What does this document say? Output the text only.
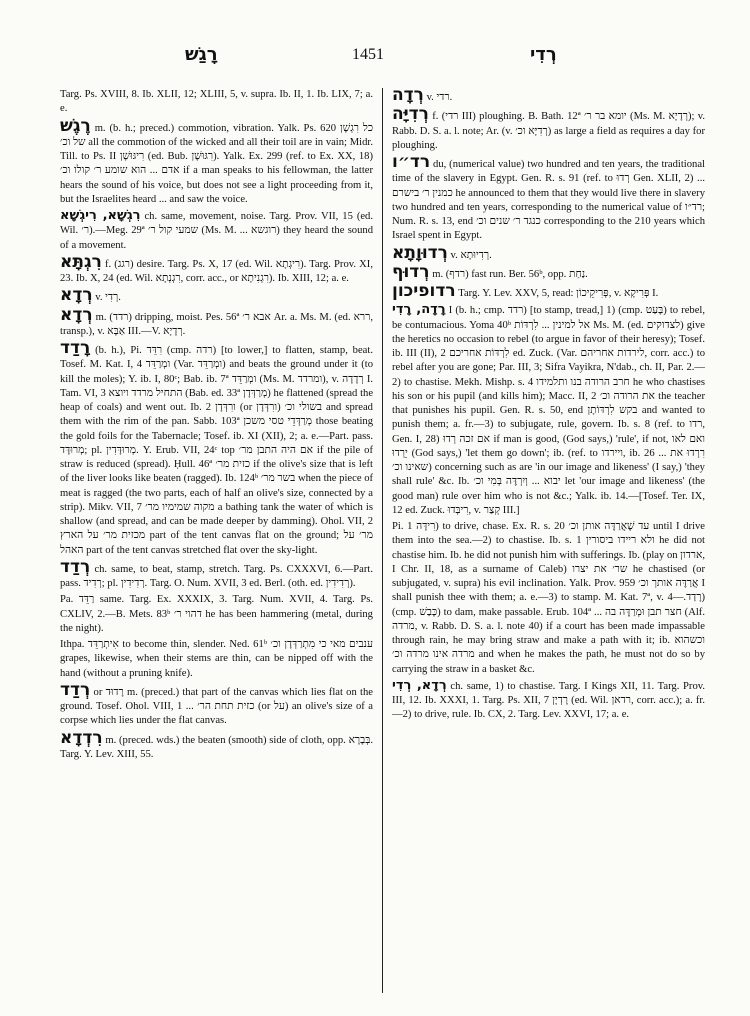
רָגַשׁ	1451	רְדִי

Targ. Ps. XVIII, 8. Ib. XLII, 12; XLIII, 5, v. supra. Ib. II, 1. Ib. LIX, 7; a. e.

רֶגֶשׁ m. (b. h.; preced.) commotion, vibration. Yalk. Ps. 620 כל רִגְשָׁן של וכ׳ all the commotion of the wicked and all their toil are in vain; Midr. Till. to Ps. II רִיגּוּשָׁן (ed. Bub. רִגּוּשָׁן). Yalk. Ex. 299 (ref. to Ex. XX, 18) אדם ... הוא שומע ר׳ קולו וכ׳ if a man speaks to his fellowman, the latter hears the sound of his voice, but does not see a light proceeding from it, but the Israelites heard ... and saw the voice.

רִגְשָׁא, רִיגְשָׁא ch. same, movement, noise. Targ. Prov. VII, 15 (ed. Wil. ר׳).—Meg. 29ª שמעי קול ר׳ (Ms. M. ... רוגשא) they heard the sound of a movement.

רִגְתָּא f. (רגג) desire. Targ. Ps. X, 17 (ed. Wil. רִיגְתָא). Targ. Prov. XI, 23. Ib. X, 24 (ed. Wil. רִגְנְתָא, corr. acc., or רִגְנִיתָא). Ib. XIII, 12; a. e.

רְדָא v. רְדִי.

רְדָא m. (רדד) dripping, moist. Pes. 56ª אבא ר׳ Ar. a. Ms. M. (ed. ררא, transp.), v. אַבָּא III.—V. רְדָיָא.

רָדַד (b. h.), Pi. רִדֵּד (cmp. רדה) [to lower,] to flatten, stamp, beat. Tosef. M. Kat. I, 4 ומְרַדֵּד (Var. ומְרַדֵּד) and beats the ground under it (to kill the moles); Y. ib. I, 80ᶜ; Bab. ib. 7ª ומְרַדֵּד (Ms. M. ומרדד), v. רְדָדָה I. Tam. VI, 3 התחיל מרדד ויוצא (Bab. ed. 33ª מְרַדְּדָן) he flattened (spread the heap of coals) and went out. Ib. 2 ורִדְּדָן (or ורִדְּדָן) בשולי וכ׳ and spread them with the rim of the pan. Sabb. 103ª מְרַדְּדֵי טסי משכן those beating the gold foils for the Tabernacle; Tosef. ib. XI (XII), 2; a. e.—Part. pass. מְרוּדָּד; pl. מְרוּדָּדִין. Y. Erub. VII, 24ᶜ top אם היה התבן מר׳ if the pile of straw is reduced (spread). Ḥull. 46ª כזית מר׳ if the olive's size that is left of the liver looks like beaten (ragged). Ib. 124ᵇ בשר מר׳ when the piece of meat is ragged (the two parts, each of half an olive's size, connected by a strip). Mikv. VII, 7 מקוה שמימיו מר׳ a bathing tank the water of which is shallow (and spread, and can be made deeper by damming). Ohol. VII, 2 מכזית מר׳ על הארץ part of the tent canvas flat on the ground; מר׳ על האהל part of the tent canvas stretched flat over the sky-light.

רְדַד ch. same, to beat, stamp, stretch. Targ. Ps. CXXXVI, 6.—Part. pass. רְדִיד; pl. רְדִידִין. Targ. O. Num. XVII, 3 ed. Berl. (oth. ed. רְדִידִין).

Pa. רַדֵּד same. Targ. Ex. XXXIX, 3. Targ. Num. XVII, 4. Targ. Ps. CXLIV, 2.—B. Mets. 83ᵇ דהוי ר׳ he has been hammering (metal, during the night).

Ithpa. אִיתְרַדֵּד to become thin, slender. Ned. 61ᵇ ענבים מאי כי מִתְרַדְּדָן וכ׳ grapes, likewise, when their stems are thin, can be nipped off with the hand (without a pruning knife).

רְדַד or רָדוּד m. (preced.) that part of the canvas which lies flat on the ground. Tosef. Ohol. VIII, 1 ... כזית תחת הר׳ (or על) an olive's size of a corpse which lies under the flat canvas.

רִדְדָא m. (preced. wds.) the beaten (smooth) side of cloth, opp. בְּבָרָא. Targ. Y. Lev. XIII, 55.

רְדָה v. רדי.

רְדִיָּה f. (רדי III) ploughing. B. Bath. 12ª יומא בר ר׳ (Ms. M. רְדָיָא); v. Rabb. D. S. a. l. note; Ar. (v. רְדִיָּא וכ׳) as large a field as requires a day for ploughing.

רד״ו du, (numerical value) two hundred and ten years, the traditional time of the slavery in Egypt. Gen. R. s. 91 (ref. to רְדוּ Gen. XLII, 2) ... כמנין ר׳ בישרם he announced to them that they would live there in slavery two hundred and ten years, corresponding to the numerical value of רד״ו; Num. R. s. 13, end כנגד ר׳ שנים וכ׳ corresponding to the 210 years which Israel spent in Egypt.

רְדוּוָתָא v. רְדִיוּתָא.

רְדוּף m. (רדף) fast run. Ber. 56ᵇ, opp. נַחַת.

רדופיכון Targ. Y. Lev. XXV, 5, read: פְּרִיקֵיכוֹן, v. פְּרִיקָא I.

רָדָה, רָדִי I (b. h.; cmp. רדד) [to stamp, tread,] 1) (cmp. בָּעַט) to rebel, be contumacious. Yoma 40ᵇ אל למינין ... לִרְדּוֹת Ms. M. (ed. לצדוקים) give the heretics no occasion to rebel (to argue in favor of their heresy); Tosef. ib. III (II), 2 לִרְדּוֹת אחריכם ed. Zuck. (Var. לירדות אחריהם, corr. acc.) to rebel after you are gone; Par. III, 3; Sifra Vayikra, N'dab., ch. II, Par. 2.—2) to chastise. Mekh. Mishp. s. 4 חרב הרודה בנו ותלמידו he who chastises his son or his pupil (and kills him); Macc. II, 2 את הרודה וכ׳ the teacher that punishes his pupil. Gen. R. s. 50, end בקש לִרְדּוֹתָן and wanted to punish them; a. fr.—3) to subjugate, rule, govern. Ib. s. 8 (ref. to רדו, Gen. I, 28) אם זכה רְדוּ if man is good, (God says,) 'rule', if not, ואם לאו יֵרְדוּ (God says,) 'let them go down'; ib. (ref. to ויירדו, ib. 26 ... רִרְדוּ את שאינו וכ׳) concerning such as are 'in our image and likeness' (I say,) 'they shall rule' &c. Ib. יבוא ... וְיִרְדֶּה בְּמִי וכ׳ let 'our image and likeness' (the good man) rule over him who is not &c.; Yalk. ib. 14.—[Tosef. Ter. IX, 12 ed. Zuck. רִיבְּדוּ, v. קְצַר III.]

Pi. רִידָּה 1) to drive, chase. Ex. R. s. 20 עד שֶׁאֲרַדֶּה אותן וכ׳ until I drive them into the sea.—2) to chastise. Ib. s. 1 ולא ריידו ביסורין he did not chastise him. Ib. he did not punish him with sufferings. Ib. (play on ארדון, I Chr. II, 18, as a surname of Caleb) שר׳ את יצרו he chastised (or subjugated, v. supra) his evil inclination. Yalk. Prov. 959 אֲרַדֶּה אותך וכ׳ I shall punish thee with them; a. e.—3) to stamp. M. Kat. 7ª, v. רָדַד.—4) (cmp. כָּבַשׁ) to dam, make passable. Erub. 104ª ... חצר תבן וּמְרַדֶּה בה (Alf. מרדה, v. Rabb. D. S. a. l. note 40) if a court has been made impassable through rain, he may bring straw and make a path with it; ib. וכשהוא מרדה אינו מרדה וכ׳ and when he makes the path, he must not do so by carrying the straw in a basket &c.

רְדָא, רְדִי ch. same, 1) to chastise. Targ. I Kings XII, 11. Targ. Prov. III, 12. Ib. XXXI, 1. Targ. Ps. XII, 7 רָדְיָן (ed. Wil. רדאן, corr. acc.); a. fr.—2) to drive, rule. Ib. CX, 2. Targ. Lev. XXVI, 17; a. e.
